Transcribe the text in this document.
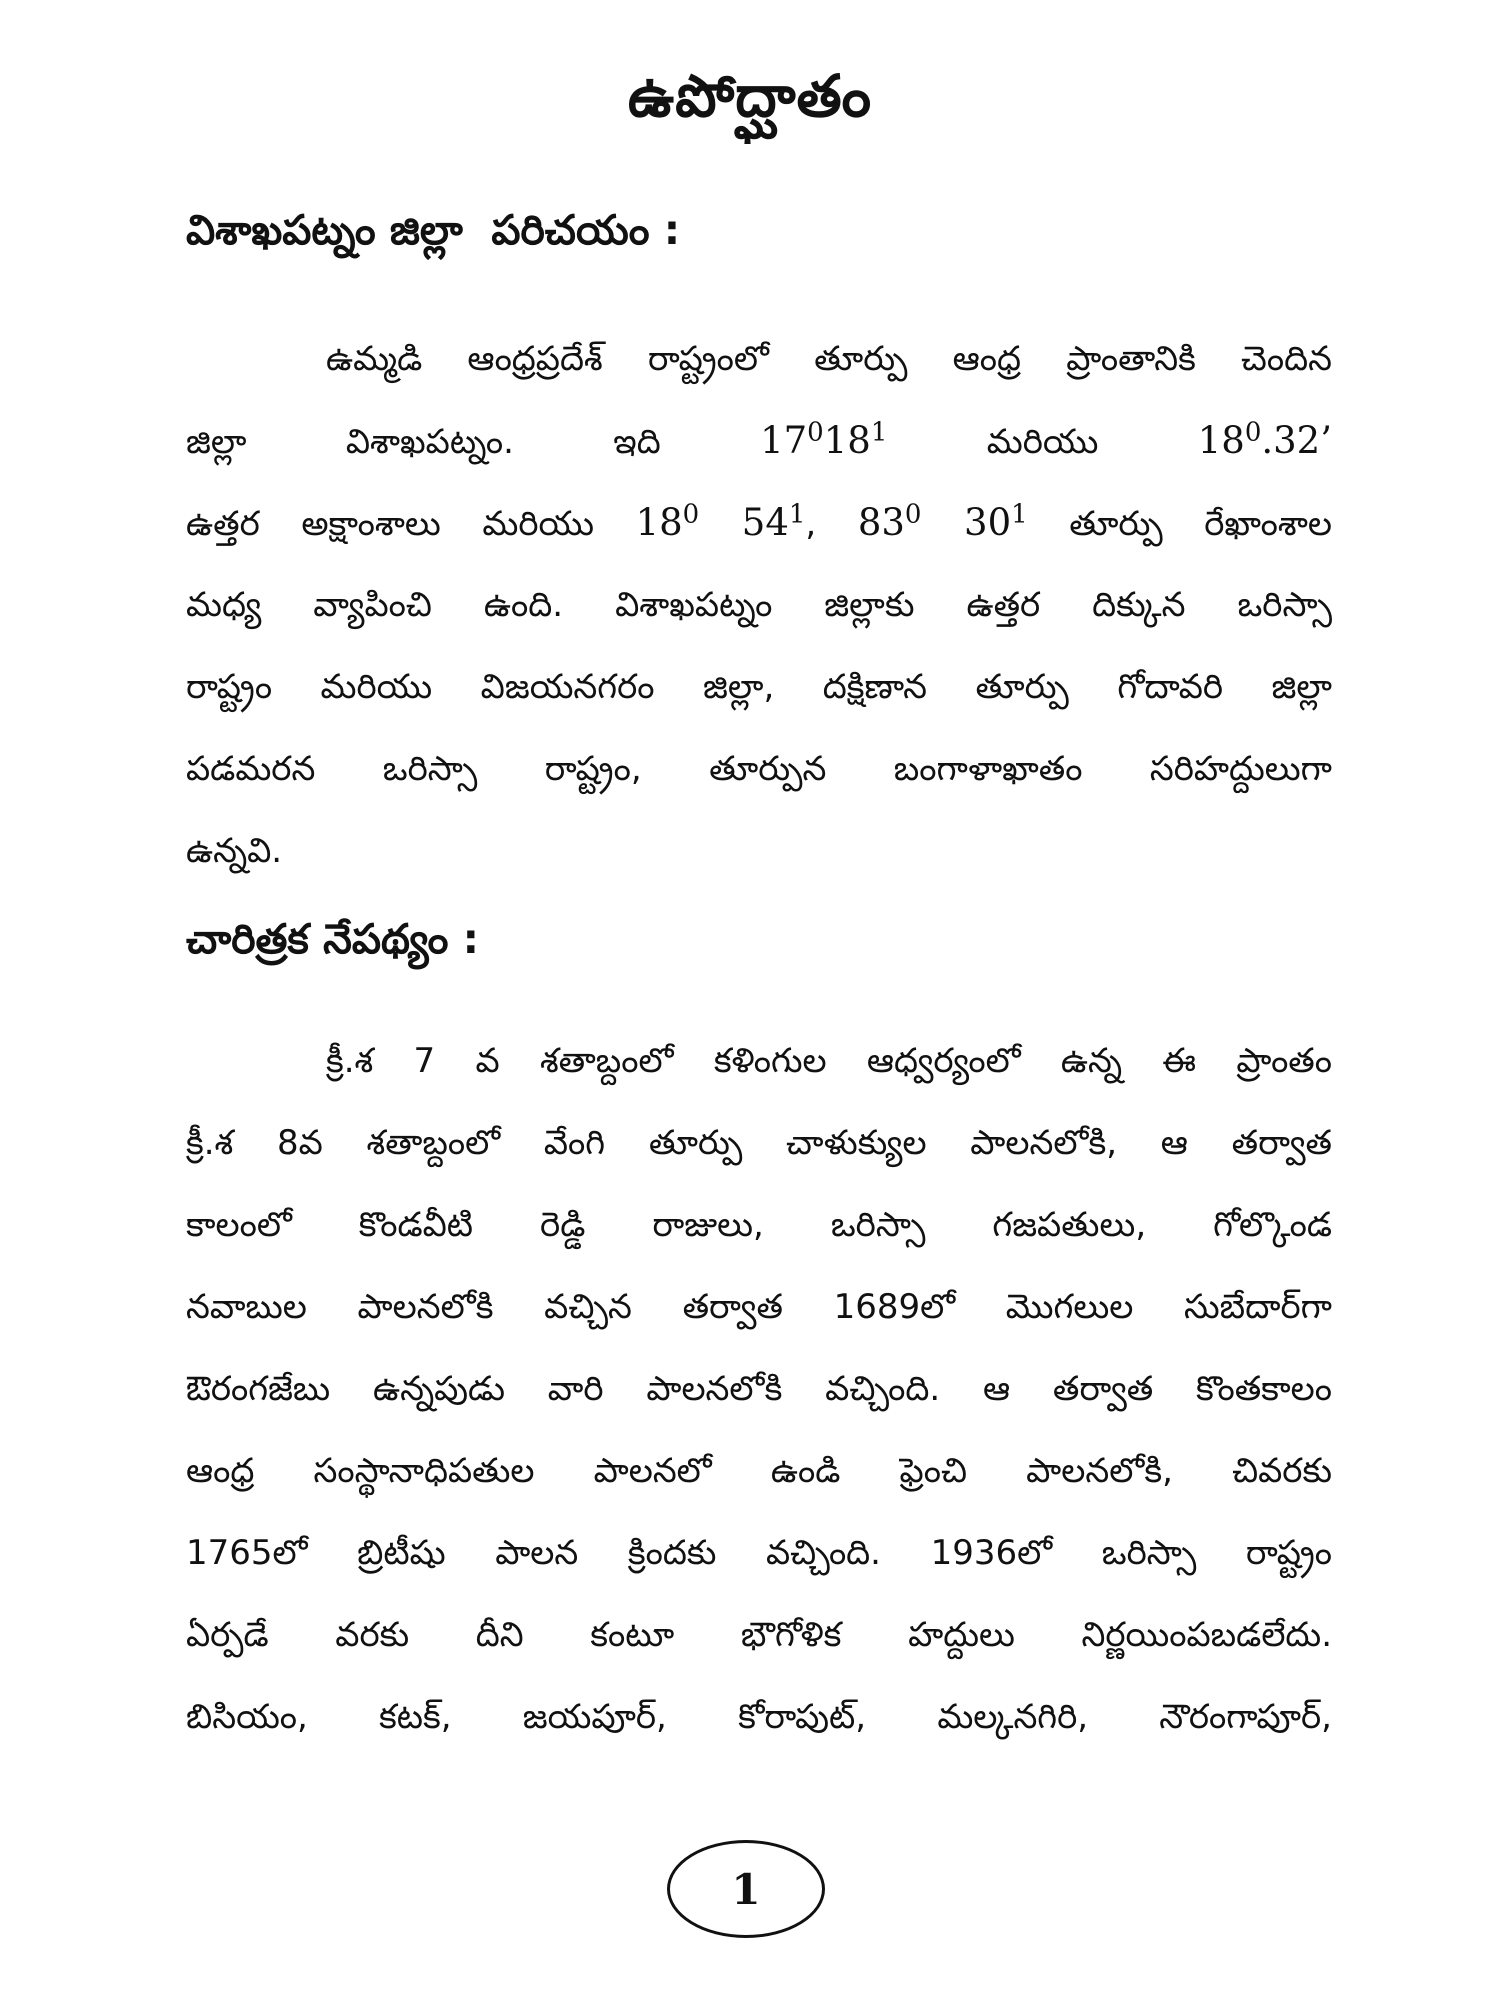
ఉపోద్ఘాతం
విశాఖపట్నం జిల్లా  పరిచయం :
ఉమ్మడి ఆంధ్రప్రదేశ్ రాష్ట్రంలో తూర్పు ఆంధ్ర ప్రాంతానికి చెందిన
జిల్లా విశాఖపట్నం. ఇది $17^018^1$ మరియు $18^0.32$’
ఉత్తర అక్షాంశాలు మరియు $18^0$ $54^1$, $83^0$ $30^1$ తూర్పు రేఖాంశాల
మధ్య వ్యాపించి ఉంది. విశాఖపట్నం జిల్లాకు ఉత్తర దిక్కున ఒరిస్సా
రాష్ట్రం మరియు విజయనగరం జిల్లా, దక్షిణాన తూర్పు గోదావరి జిల్లా
పడమరన ఒరిస్సా రాష్ట్రం, తూర్పున బంగాళాఖాతం సరిహద్దులుగా
ఉన్నవి.
చారిత్రక నేపథ్యం :
క్రీ.శ 7 వ శతాబ్దంలో కళింగుల ఆధ్వర్యంలో ఉన్న ఈ ప్రాంతం
క్రీ.శ 8వ శతాబ్దంలో వేంగి తూర్పు చాళుక్యుల పాలనలోకి, ఆ తర్వాత
కాలంలో కొండవీటి రెడ్డి రాజులు, ఒరిస్సా గజపతులు, గోల్కొండ
నవాబుల పాలనలోకి వచ్చిన తర్వాత 1689లో మొగలుల సుబేదార్‌గా
ఔరంగజేబు ఉన్నపుడు వారి పాలనలోకి వచ్చింది. ఆ తర్వాత కొంతకాలం
ఆంధ్ర సంస్థానాధిపతుల పాలనలో ఉండి ఫ్రెంచి పాలనలోకి, చివరకు
1765లో బ్రిటీషు పాలన క్రిందకు వచ్చింది. 1936లో ఒరిస్సా రాష్ట్రం
ఏర్పడే వరకు దీని కంటూ భౌగోళిక హద్దులు నిర్ణయింపబడలేదు.
బిసియం, కటక్, జయపూర్, కోరాపుట్, మల్కనగిరి, నౌరంగాపూర్,
1
